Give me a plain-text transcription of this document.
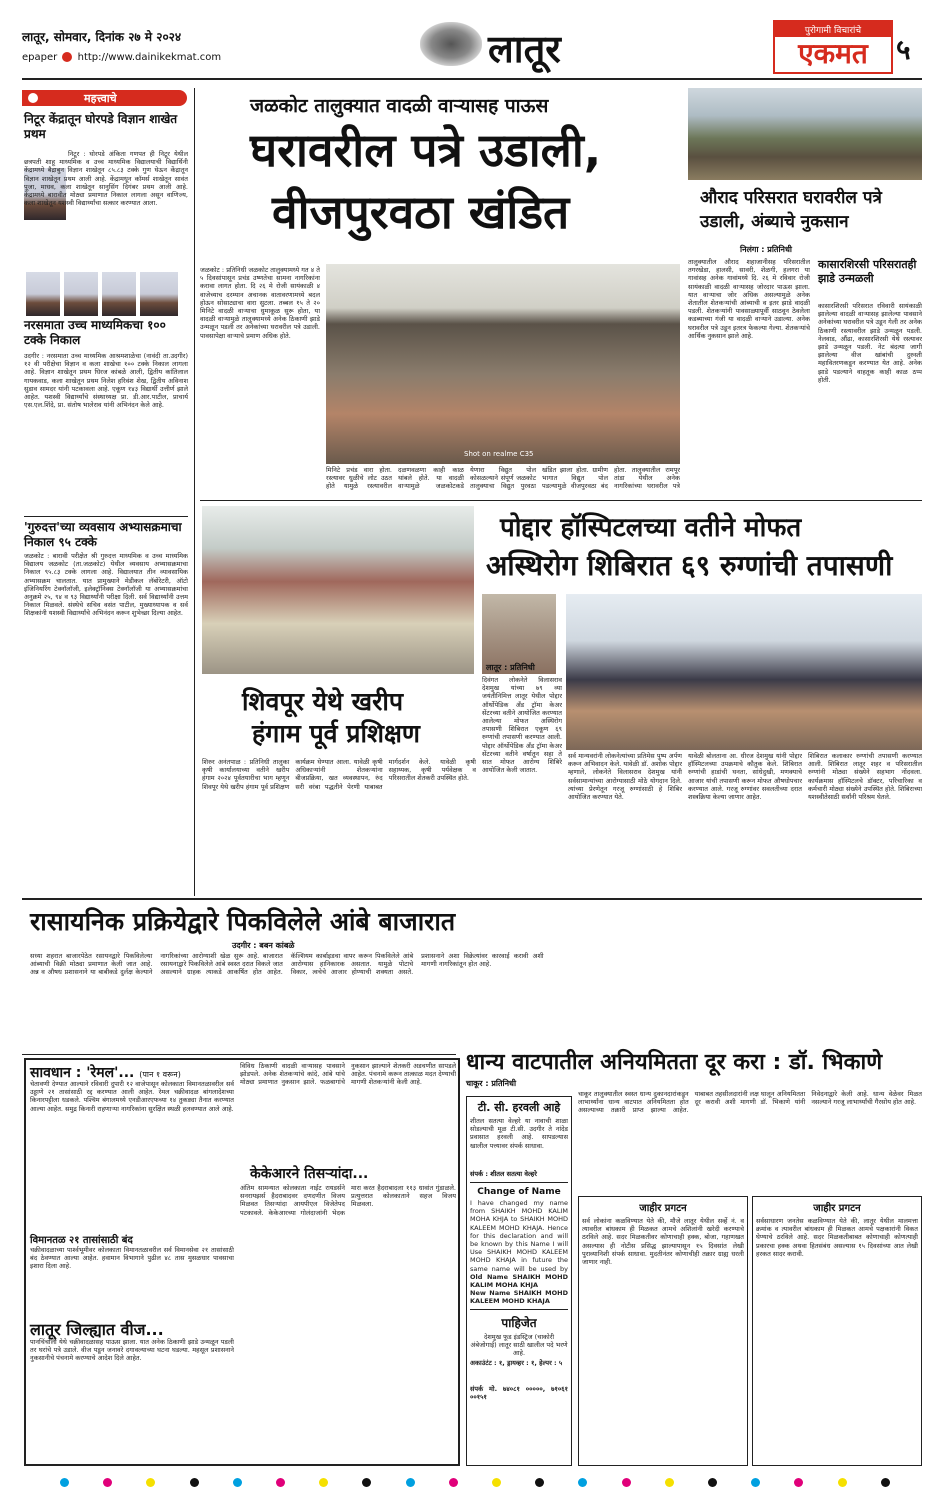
लातूर, सोमवार, दिनांक २७ मे २०२४
epaper http://www.dainikekmat.com	लातूर	पुरोगामी विचारांचे
एकमत	५
महत्त्वाचे
निटूर केंद्रातून घोरपडे विज्ञान शाखेत प्रथम
निटूर : घोरपडे अंकिता गणपत ही निटूर येथील छत्रपती शाहू माध्यमिक व उच्च माध्यमिक विद्यालयाची विद्यार्थिनी केंद्रामध्ये बैद्राबुन विज्ञान शाखेतून ८५.८३ टक्के गुण घेऊन केंद्रातून विज्ञान शाखेतून प्रथम आली आहे. केंद्रामधून कॉमर्स शाखेतून सावंत पूजा, माधव, कला शाखेतून सानुसिंग दिगंबर प्रथम आली आहे. केंद्रामध्ये बारावीत मोठ्या प्रमाणात निकाल लागला असून वाणिज्य, कला शाखेतून यशस्वी विद्यार्थ्यांचा सत्कार करण्यात आला.
नरसमाता उच्च माध्यमिकचा १०० टक्के निकाल
उदगीर : नरसमाता उच्च माध्यमिक आश्रमशाळेचा (नावंदी ता.उदगीर) १२ वी परीक्षेचा विज्ञान व कला शाखेचा १०० टक्के निकाल लागला आहे. विज्ञान शाखेतून प्रथम धिरज कांबळे आली, द्वितीय कांतिलाल गायकवाड, कला शाखेतून प्रथम निलेश हरिवंश शेख, द्वितीय अविनाश सुडाव सामदर यांनी पटकावला आहे. एकूण १४३ विद्यार्थी उत्तीर्ण झाले आहेत. यशस्वी विद्यार्थ्यांचे संस्थाध्यक्ष प्रा. डी.आर.पाटील, प्राचार्य एस.एल.शिंदे, प्रा. संतोष भालेराव यांनी अभिनंदन केले आहे.
'गुरुदत्त'च्या व्यवसाय अभ्यासक्रमाचा निकाल ९५ टक्के
जळकोट : बारावी परीक्षेत श्री गुरुदत्त माध्यमिक व उच्च माध्यमिक विद्यालय जळकोट (ता.जळकोट) येथील व्यवसाय अभ्यासक्रमाचा निकाल ९५.८३ टक्के लागला आहे. विद्यालयात तीन व्यावसायिक अभ्यासक्रम चालतात. यात प्रामुख्याने मेडीकल लॅबोरेटरी, ऑटो इंजिनियरिंग टेक्नॉलॉजी, इलेक्ट्रॉनिक्स टेक्नॉलॉजी या अभ्यासक्रमांचा अनुक्रमे २५, ९४ व ९३ विद्यार्थ्यांनी परीक्षा दिली. सर्व विद्यार्थ्यांनी उत्तम निकाल मिळवले. संस्थेचे सचिव वसंत पाटील, मुख्याध्यापक व सर्व शिक्षकांनी यशस्वी विद्यार्थ्यांचे अभिनंदन करून शुभेच्छा दिल्या आहेत.
जळकोट तालुक्यात वादळी वाऱ्यासह पाऊस
घरावरील पत्रे उडाली,
वीजपुरवठा खंडित	औराद परिसरात घरावरील पत्रे उडाली, अंब्याचे नुकसान
निलंगा : प्रतिनिधी
तालुक्यातील औराद शहाजानीसह परिसरातील तगरखेडा, हालसी, सावरी, शेळगी, हलगरा या गावांसह अनेक गावांमध्ये दि. २६ मे रविवार रोजी सायंकाळी वादळी वाऱ्यासह जोरदार पाऊस झाला. यात वाऱ्याचा जोर अधिक असल्यामुळे अनेक शेतातील शेतकऱ्यांची आंब्याची व इतर झाडे वादळी पडली. शेतकऱ्यांनी पावसाळ्यापूर्वी साठवून ठेवलेला कडब्याच्या गंजी या वादळी वाऱ्याने उडाल्या. अनेक घरावरील पत्रे उडून इतरत्र फेकल्या गेल्या. शेतकऱ्यांचे आर्थिक नुकसान झाले आहे.
कासारशिरसी परिसरातही झाडे उन्मळली
कासारशिरसी परिसरात रविवारी सायंकाळी झालेल्या वादळी वाऱ्यासह झालेल्या पावसाने अनेकांच्या घरावरील पत्रे उडून गेली तर अनेक ठिकाणी रस्त्यावरील झाडे उन्मळून पडली. नेलवाड, औंढा, कासारशिरसी येथे रस्त्यावर झाडे उन्मळून पडली. नेट बंदत्या जागी झालेल्या वीज खांबांची दुरुस्ती महावितरणकडून करण्यात येत आहे. अनेक झाडे पडल्याने वाहतूक काही काळ ठप्प होती.
जळकोट : प्रतिनिधी जळकोट तालुक्यामध्ये गत ४ ते ५ दिवसांपासून प्रचंड उष्णतेचा सामना नागरिकांना करावा लागत होता. दि २६ मे रोजी सायंकाळी ४ वाजेच्याच दरम्यान अचानक वातावरणामध्ये बदल होऊन सोसाट्याचा वारा सुटला. तब्बल १५ ते २० मिनिटे वादळी वाऱ्याचा धुमाकूळ सुरू होता, या वादळी वाऱ्यामुळे तालुक्यामध्ये अनेक ठिकाणी झाडे उन्मळून पडली तर अनेकांच्या घरावरील पत्रे उडाली. पावसापेक्षा वाऱ्याचे प्रमाण अधिक होते.
Shot on realme C35
मिनिटे प्रचंड वारा होता. रस्त्यावर धुळीचे लोट उठत होते यामुळे रस्त्यावरील दळणवळणा काही काळ थांबले होते. या वादळी वाऱ्यामुळे जळकोटकडे येणारा विद्युत पोल कोसळल्याने संपूर्ण जळकोट तालुक्याचा विद्युत पुरवठा खंडित झाला होता. ग्रामीण भागात विद्युत पोल पडल्यामुळे वीजपुरवठा बंद होता. तालुक्यातील रामपूर तांडा येथील अनेक नागरिकांच्या घरावरील पत्रे
शिवपूर येथे खरीप
हंगाम पूर्व प्रशिक्षण
शिरुर अनंतपाळ : प्रतिनिधी तालुका कृषी कार्यालयाच्या वतीने खरीप हंगाम २०२४ पूर्वतयारीचा भाग म्हणून शिवपूर येथे खरीप हंगाम पूर्व प्रशिक्षण कार्यक्रम घेण्यात आला. यावेळी कृषी अधिकाऱ्यांनी शेतकऱ्यांना बीजप्रक्रिया, खत व्यवस्थापन, रुंद सरी वरंबा पद्धतीने पेरणी याबाबत मार्गदर्शन केले. यावेळी कृषी सहाय्यक, कृषी पर्यवेक्षक व परिसरातील शेतकरी उपस्थित होते.
पोद्दार हॉस्पिटलच्या वतीने मोफत
अस्थिरोग शिबिरात ६९ रुग्णांची तपासणी
लातूर : प्रतिनिधी
दिवंगत लोकनेते विलासराव देशमुख यांच्या ७९ व्या जयंतीनिमित्त लातूर येथील पोद्दार ऑर्थोपेडिक अँड ट्रॉमा केअर सेंटरच्या वतीने आयोजित करण्यात आलेल्या मोफत अस्थिरोग तपासणी शिबिरात एकूण ६९ रुग्णांची तपासणी करण्यात आली. पोद्दार ऑर्थोपेडिक अँड ट्रॉमा केअर सेंटरच्या वतीने वर्षातून सहा ते सात मोफत आरोग्य शिबिरे आयोजित केली जातात.
सर्व मान्यवरांनी लोकनेत्यांच्या प्रतिमेस पुष्प अर्पण करून अभिवादन केले. यावेळी डॉ. अशोक पोद्दार म्हणाले, लोकनेते विलासराव देशमुख यांनी सर्वसामान्यांच्या आरोग्यासाठी मोठे योगदान दिले. त्यांच्या प्रेरणेतून गरजू रुग्णांसाठी हे शिबिर आयोजित करण्यात येते.
यावेळी बोलताना आ. धीरज देशमुख यांनी पोद्दार हॉस्पिटलच्या उपक्रमाचे कौतुक केले. शिबिरात रुग्णांची हाडांची घनता, सांधेदुखी, मणक्याचे आजार यांची तपासणी करून मोफत औषधोपचार करण्यात आले. गरजू रुग्णांवर सवलतीच्या दरात शस्त्रक्रिया केल्या जाणार आहेत.
शिबिरात कलाकार रुग्णांची तपासणी करण्यात आली. शिबिरात लातूर शहर व परिसरातील रुग्णांनी मोठ्या संख्येने सहभाग नोंदवला. कार्यक्रमास हॉस्पिटलचे डॉक्टर, परिचारिका व कर्मचारी मोठ्या संख्येने उपस्थित होते. शिबिराच्या यशस्वीतेसाठी सर्वांनी परिश्रम घेतले.
रासायनिक प्रक्रियेद्वारे पिकविलेले आंबे बाजारात
उदगीर : बबन कांबळे
सध्या शहरात बाजारपेठेत रसायनद्वारे पिकविलेल्या आंब्याची विक्री मोठ्या प्रमाणात केली जात आहे. अन्न व औषध प्रशासनाने या बाबीकडे दुर्लक्ष केल्याने नागरिकांच्या आरोग्याशी खेळ सुरू आहे. बाजारात रसायनाद्वारे पिकविलेले आंबे स्वस्त दरात विकले जात असल्याने ग्राहक त्याकडे आकर्षित होत आहेत. कॅल्शियम कार्बाइडचा वापर करून पिकविलेले आंबे आरोग्यास हानिकारक असतात. यामुळे पोटाचे विकार, त्वचेचे आजार होण्याची शक्यता असते. प्रशासनाने अशा विक्रेत्यांवर कारवाई करावी अशी मागणी नागरिकांतून होत आहे.
धान्य वाटपातील अनियमितता दूर करा : डॉ. भिकाणे
चाकूर : प्रतिनिधी
चाकूर तालुक्यातील स्वस्त धान्य दुकानदारांकडून लाभार्थ्यांना धान्य वाटपात अनियमितता होत असल्याच्या तक्रारी प्राप्त झाल्या आहेत. याबाबत तहसीलदारांनी लक्ष घालून अनियमितता दूर करावी अशी मागणी डॉ. भिकाणे यांनी निवेदनाद्वारे केली आहे. धान्य वेळेवर मिळत नसल्याने गरजू लाभार्थ्यांची गैरसोय होत आहे.
सावधान : 'रेमल'... (पान १ वरून)
चेतावणी देण्यात आल्याने रविवारी दुपारी १२ वाजेपासून कोलकाता विमानतळावरील सर्व उड्डाणे २१ तासांसाठी रद्द करण्यात आली आहेत. रेमल चक्रीवादळ बांगलादेशच्या किनारपट्टीला धडकले. पश्चिम बंगालमध्ये एनडीआरएफच्या १४ तुकड्या तैनात करण्यात आल्या आहेत. समुद्र किनारी राहणाऱ्या नागरिकांना सुरक्षित स्थळी हलवण्यात आले आहे.
विमानतळ २१ तासांसाठी बंद
चक्रीवादळाच्या पार्श्वभूमीवर कोलकाता विमानतळावरील सर्व विमानसेवा २१ तासांसाठी बंद ठेवण्यात आल्या आहेत. हवामान विभागाने पुढील ४८ तास मुसळधार पावसाचा इशारा दिला आहे.
लातूर जिल्ह्यात वीज...
पानचिंचोली येथे चक्रीवादळासह पाऊस झाला. यात अनेक ठिकाणी झाडे उन्मळून पडली तर घरांचे पत्रे उडाले. वीज पडून जनावरे दगावल्याच्या घटना घडल्या. महसूल प्रशासनाने नुकसानीचे पंचनामे करण्याचे आदेश दिले आहेत.
विविध ठिकाणी वादळी वाऱ्यासह पावसाने झोडपले. अनेक शेतकऱ्यांचे कांदे, आंबे यांचे मोठ्या प्रमाणात नुकसान झाले. फळबागांचे नुकसान झाल्याने शेतकरी अडचणीत सापडले आहेत. पंचनामे करून तात्काळ मदत देण्याची मागणी शेतकऱ्यांनी केली आहे.
केकेआरने तिसऱ्यांदा...
अंतिम सामन्यात कोलकाता नाईट रायडर्सने सनरायझर्स हैदराबादवर दणदणीत विजय मिळवत तिसऱ्यांदा आयपीएल विजेतेपद पटकावले. केकेआरच्या गोलंदाजांनी भेदक मारा करत हैदराबादला ११३ धावांत गुंडाळले. प्रत्युत्तरात कोलकाताने सहज विजय मिळवला.
टी. सी. हरवली आहे
शीतल सतत्या वेल्हरे या नावाची शाळा सोडल्याची मूळ टी.सी. उदगीर ते नांदेड प्रवासात हरवली आहे. सापडल्यास खालील पत्त्यावर संपर्क साधावा.
संपर्क : शीतल सतत्या वेल्हरे
Change of Name
I have changed my name from SHAIKH MOHD KALIM MOHA KHJA to SHAIKH MOHD KALEEM MOHD KHAJA. Hence for this declaration and will be known by this Name I will Use SHAIKH MOHD KALEEM MOHD KHAJA in future the same name will be used by
Old Name SHAIKH MOHD KALIM MOHA KHJA
New Name SHAIKH MOHD KALEEM MOHD KHAJA
पाहिजेत
देशमुख फूड इंडस्ट्रिज (चाकोरी अंबेजोगाई) लातूर साठी खालील पदे भरणे आहे.
अकाउंटंट : १, ड्रायव्हर : १, हेल्पर : ५
संपर्क मो. ७४०८१ ०००००, ७१०६१ ००१५१
जाहीर प्रगटन
सर्व लोकांना कळविण्यात येते की, मौजे लातूर येथील सर्व्हे नं. व त्यावरील बांधकाम ही मिळकत आमचे अशिलांनी खरेदी करण्याचे ठरविले आहे. सदर मिळकतीवर कोणाचाही हक्क, बोजा, गहाणखत असल्यास ही नोटीस प्रसिद्ध झाल्यापासून १५ दिवसांत लेखी पुराव्यानिशी संपर्क साधावा. मुदतीनंतर कोणाचीही तक्रार ग्राह्य धरली जाणार नाही.
जाहीर प्रगटन
सर्वसाधारण जनतेस कळविण्यात येते की, लातूर येथील मालमत्ता क्रमांक व त्यावरील बांधकाम ही मिळकत आमचे पक्षकारांनी विकत घेण्याचे ठरविले आहे. सदर मिळकतीबाबत कोणाचाही कोणत्याही प्रकारचा हक्क अथवा हितसंबंध असल्यास १५ दिवसांच्या आत लेखी हरकत सादर करावी.
